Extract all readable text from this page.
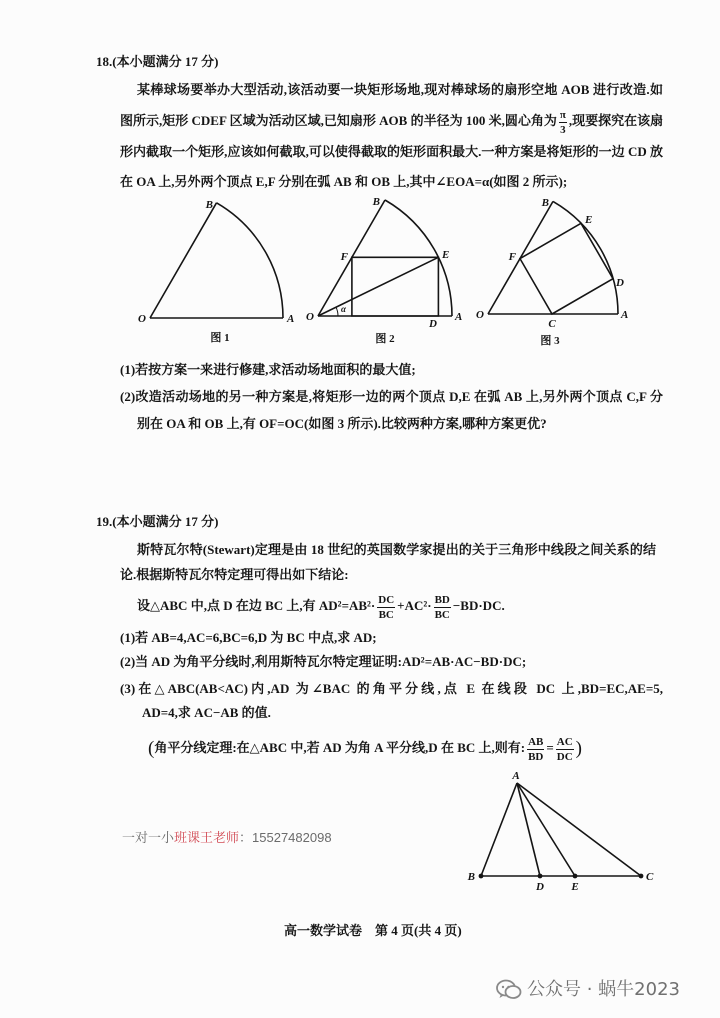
18.(本小题满分 17 分)
某棒球场要举办大型活动,该活动要一块矩形场地,现对棒球场的扇形空地 AOB 进行改造.如
图所示,矩形 CDEF 区域为活动区域,已知扇形 AOB 的半径为 100 米,圆心角为 $\frac{\pi}{3}$ ,现要探究在该扇
形内截取一个矩形,应该如何截取,可以使得截取的矩形面积最大.一种方案是将矩形的一边 CD 放
在 OA 上,另外两个顶点 E,F 分别在弧 AB 和 OB 上,其中∠EOA=α(如图 2 所示);
B
O	A
图 1
B
F	E
O
α
D
A
图 2
B
E
F
D
O
C
A
图 3
(1)若按方案一来进行修建,求活动场地面积的最大值;
(2)改造活动场地的另一种方案是,将矩形一边的两个顶点 D,E 在弧 AB 上,另外两个顶点 C,F 分
别在 OA 和 OB 上,有 OF=OC(如图 3 所示).比较两种方案,哪种方案更优?
19.(本小题满分 17 分)
斯特瓦尔特(Stewart)定理是由 18 世纪的英国数学家提出的关于三角形中线段之间关系的结
论.根据斯特瓦尔特定理可得出如下结论:
设△ABC 中,点 D 在边 BC 上,有 $AD^2=AB^2\cdot \frac{DC}{BC} +AC^2\cdot \frac{BD}{BC} -BD\cdot DC$.
(1)若 AB=4,AC=6,BC=6,D 为 BC 中点,求 AD;
(2)当 AD 为角平分线时,利用斯特瓦尔特定理证明:AD²=AB·AC−BD·DC;
(3)在△ABC(AB<AC)内,AD 为∠BAC 的角平分线,点 E 在线段 DC 上,BD=EC,AE=5,
AD=4,求 AC−AB 的值.
(角平分线定理:在△ABC 中,若 AD 为角 A 平分线,D 在 BC 上,则有: $\frac{AB}{BD} = \frac{AC}{DC}$ )
A
B
D E
C
一对一小班课王老师：15527482098
高一数学试卷　第 4 页(共 4 页)
公众号 · 蜗牛2023
